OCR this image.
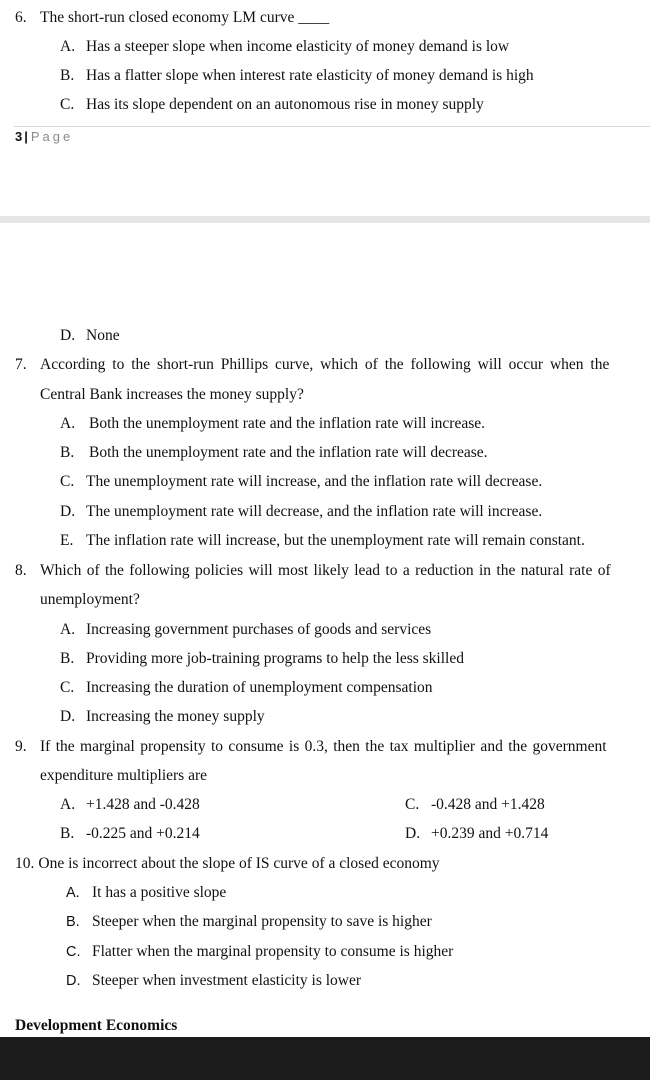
6. The short-run closed economy LM curve ____
A. Has a steeper slope when income elasticity of money demand is low
B. Has a flatter slope when interest rate elasticity of money demand is high
C. Has its slope dependent on an autonomous rise in money supply
3 | Page
D. None
7. According to the short-run Phillips curve, which of the following will occur when the
Central Bank increases the money supply?
A. Both the unemployment rate and the inflation rate will increase.
B. Both the unemployment rate and the inflation rate will decrease.
C. The unemployment rate will increase, and the inflation rate will decrease.
D. The unemployment rate will decrease, and the inflation rate will increase.
E. The inflation rate will increase, but the unemployment rate will remain constant.
8. Which of the following policies will most likely lead to a reduction in the natural rate of
unemployment?
A. Increasing government purchases of goods and services
B. Providing more job-training programs to help the less skilled
C. Increasing the duration of unemployment compensation
D. Increasing the money supply
9. If the marginal propensity to consume is 0.3, then the tax multiplier and the government
expenditure multipliers are
A. +1.428 and -0.428
B. -0.225 and +0.214
C. -0.428 and +1.428
D. +0.239 and +0.714
10. One is incorrect about the slope of IS curve of a closed economy
A. It has a positive slope
B. Steeper when the marginal propensity to save is higher
C. Flatter when the marginal propensity to consume is higher
D. Steeper when investment elasticity is lower
Development Economics
